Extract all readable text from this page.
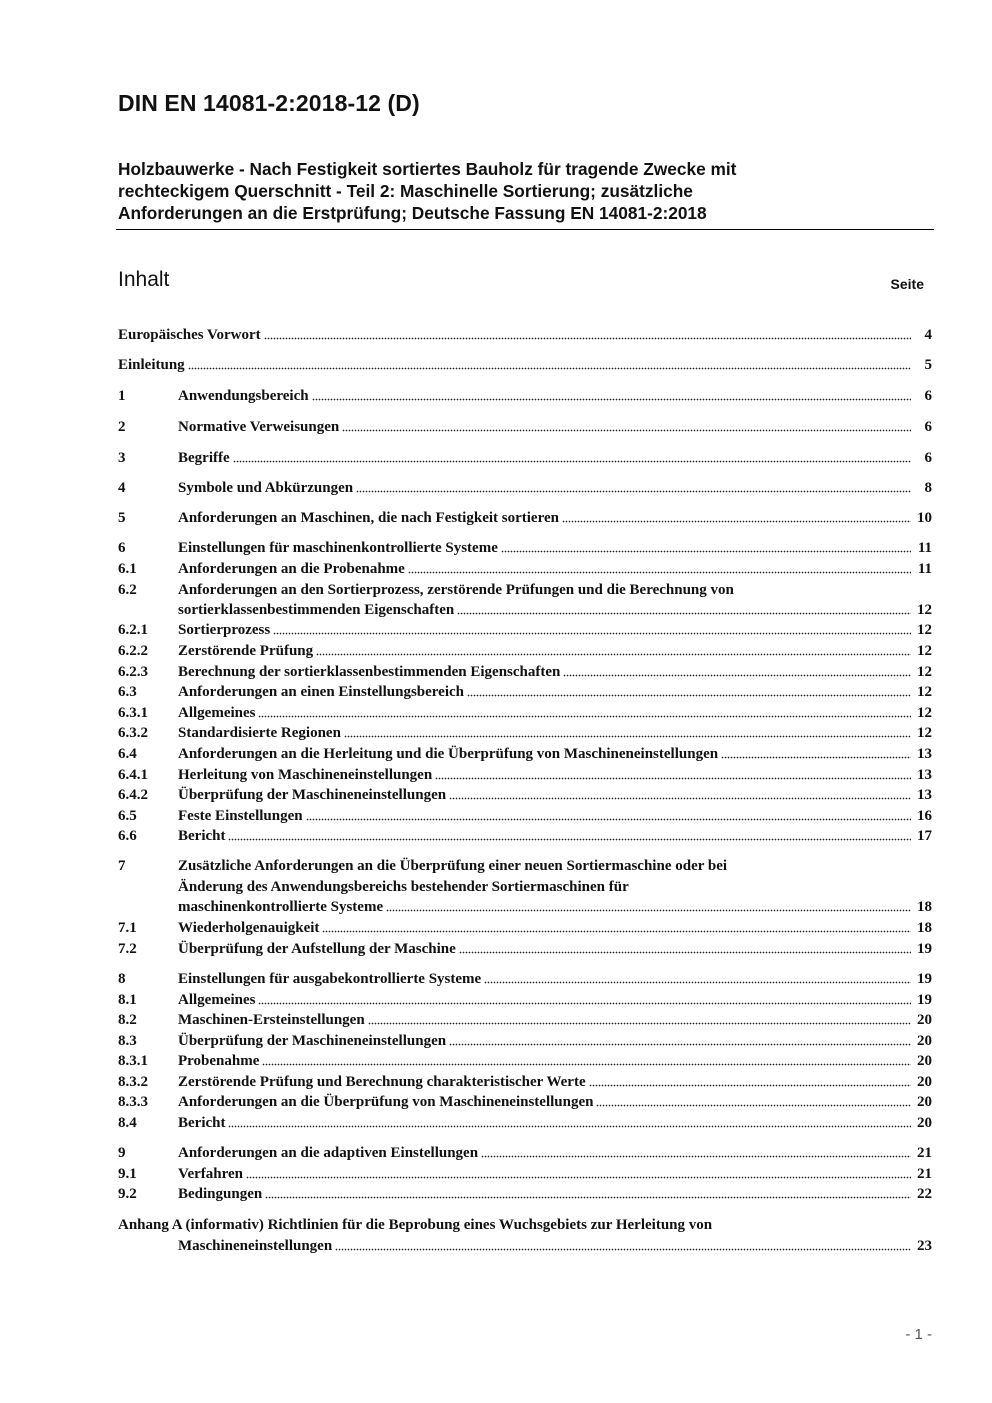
DIN EN 14081-2:2018-12 (D)
Holzbauwerke - Nach Festigkeit sortiertes Bauholz für tragende Zwecke mit
rechteckigem Querschnitt - Teil 2: Maschinelle Sortierung; zusätzliche
Anforderungen an die Erstprüfung; Deutsche Fassung EN 14081-2:2018
Inhalt	Seite
Europäisches Vorwort	4
Einleitung	5
1	Anwendungsbereich	6
2	Normative Verweisungen	6
3	Begriffe	6
4	Symbole und Abkürzungen	8
5	Anforderungen an Maschinen, die nach Festigkeit sortieren	10
6	Einstellungen für maschinenkontrollierte Systeme	11
6.1	Anforderungen an die Probenahme	11
6.2	Anforderungen an den Sortierprozess, zerstörende Prüfungen und die Berechnung von
sortierklassenbestimmenden Eigenschaften	12
6.2.1	Sortierprozess	12
6.2.2	Zerstörende Prüfung	12
6.2.3	Berechnung der sortierklassenbestimmenden Eigenschaften	12
6.3	Anforderungen an einen Einstellungsbereich	12
6.3.1	Allgemeines	12
6.3.2	Standardisierte Regionen	12
6.4	Anforderungen an die Herleitung und die Überprüfung von Maschineneinstellungen	13
6.4.1	Herleitung von Maschineneinstellungen	13
6.4.2	Überprüfung der Maschineneinstellungen	13
6.5	Feste Einstellungen	16
6.6	Bericht	17
7	Zusätzliche Anforderungen an die Überprüfung einer neuen Sortiermaschine oder bei
Änderung des Anwendungsbereichs bestehender Sortiermaschinen für
maschinenkontrollierte Systeme	18
7.1	Wiederholgenauigkeit	18
7.2	Überprüfung der Aufstellung der Maschine	19
8	Einstellungen für ausgabekontrollierte Systeme	19
8.1	Allgemeines	19
8.2	Maschinen-Ersteinstellungen	20
8.3	Überprüfung der Maschineneinstellungen	20
8.3.1	Probenahme	20
8.3.2	Zerstörende Prüfung und Berechnung charakteristischer Werte	20
8.3.3	Anforderungen an die Überprüfung von Maschineneinstellungen	20
8.4	Bericht	20
9	Anforderungen an die adaptiven Einstellungen	21
9.1	Verfahren	21
9.2	Bedingungen	22
Anhang A (informativ) Richtlinien für die Beprobung eines Wuchsgebiets zur Herleitung von
Maschineneinstellungen	23
- 1 -
